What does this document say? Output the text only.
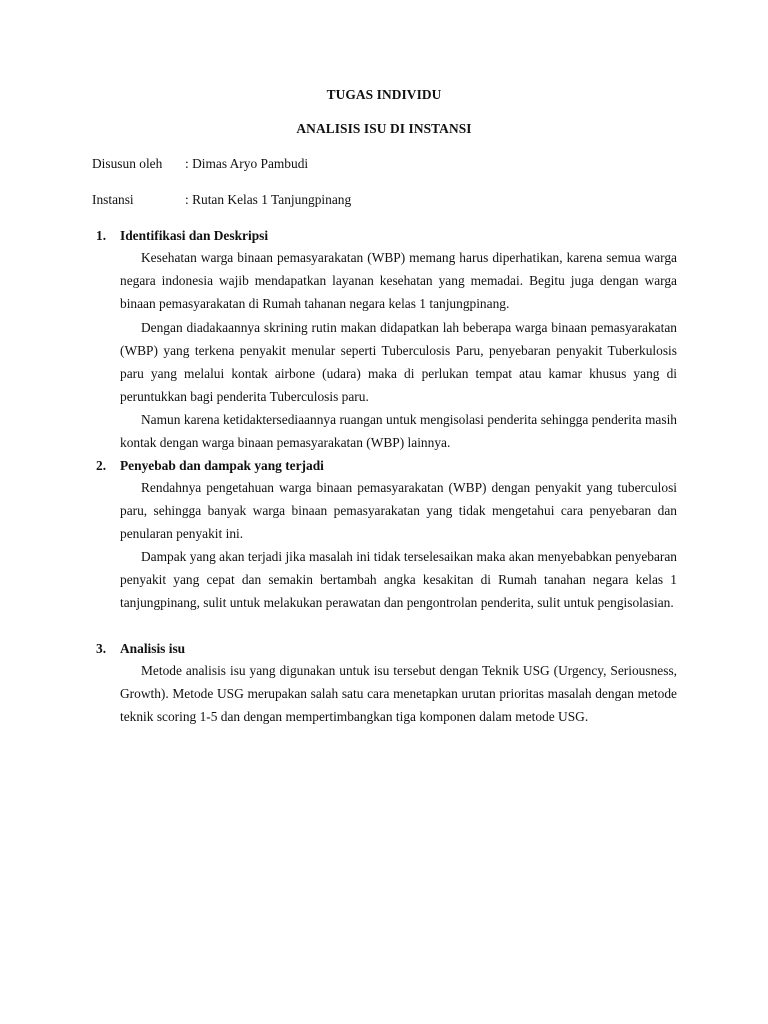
TUGAS INDIVIDU
ANALISIS ISU DI INSTANSI
Disusun oleh : Dimas Aryo Pambudi
Instansi	: Rutan Kelas 1 Tanjungpinang
1. Identifikasi dan Deskripsi

Kesehatan warga binaan pemasyarakatan (WBP) memang harus diperhatikan, karena semua warga negara indonesia wajib mendapatkan layanan kesehatan yang memadai. Begitu juga dengan warga binaan pemasyarakatan di Rumah tahanan negara kelas 1 tanjungpinang.

Dengan diadakaannya skrining rutin makan didapatkan lah beberapa warga binaan pemasyarakatan (WBP) yang terkena penyakit menular seperti Tuberculosis Paru, penyebaran penyakit Tuberkulosis paru yang melalui kontak airbone (udara) maka di perlukan tempat atau kamar khusus yang di peruntukkan bagi penderita Tuberculosis paru.

Namun karena ketidaktersediaannya ruangan untuk mengisolasi penderita sehingga penderita masih kontak dengan warga binaan pemasyarakatan (WBP) lainnya.

2. Penyebab dan dampak yang terjadi

Rendahnya pengetahuan warga binaan pemasyarakatan (WBP) dengan penyakit yang tuberculosi paru, sehingga banyak warga binaan pemasyarakatan yang tidak mengetahui cara penyebaran dan penularan penyakit ini.

Dampak yang akan terjadi jika masalah ini tidak terselesaikan maka akan menyebabkan penyebaran penyakit yang cepat dan semakin bertambah angka kesakitan di Rumah tanahan negara kelas 1 tanjungpinang, sulit untuk melakukan perawatan dan pengontrolan penderita, sulit untuk pengisolasian.

3. Analisis isu

Metode analisis isu yang digunakan untuk isu tersebut dengan Teknik USG (Urgency, Seriousness, Growth). Metode USG merupakan salah satu cara menetapkan urutan prioritas masalah dengan metode teknik scoring 1-5 dan dengan mempertimbangkan tiga komponen dalam metode USG.
